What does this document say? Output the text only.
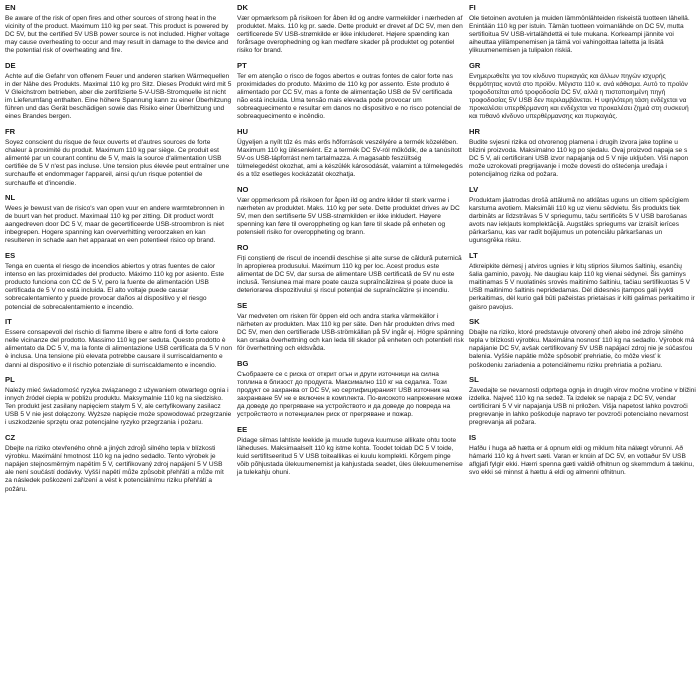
EN

Be aware of the risk of open fires and other sources of strong heat in the vicinity of the product. Maximum 110 kg per seat. This product is powered by DC 5V, but the certified 5V USB power source is not included. Higher voltage may cause overheating to occur and may result in damage to the device and the potential risk of overheating and fire.

DE

Achte auf die Gefahr von offenem Feuer und anderen starken Wärmequellen in der Nähe des Produkts. Maximal 110 kg pro Sitz. Dieses Produkt wird mit 5 V Gleichstrom betrieben, aber die zertifizierte 5-V-USB-Stromquelle ist nicht im Lieferumfang enthalten. Eine höhere Spannung kann zu einer Überhitzung führen und das Gerät beschädigen sowie das Risiko einer Überhitzung und eines Brandes bergen.

FR

Soyez conscient du risque de feux ouverts et d'autres sources de forte chaleur à proximité du produit. Maximum 110 kg par siège. Ce produit est alimenté par un courant continu de 5 V, mais la source d'alimentation USB certifiée de 5 V n'est pas incluse. Une tension plus élevée peut entraîner une surchauffe et endommager l'appareil, ainsi qu'un risque potentiel de surchauffe et d'incendie.

NL

Wees je bewust van de risico's van open vuur en andere warmtebronnen in de buurt van het product. Maximaal 110 kg per zitting. Dit product wordt aangedreven door DC 5 V, maar de gecertificeerde USB-stroombron is niet inbegrepen. Hogere spanning kan oververhitting veroorzaken en kan resulteren in schade aan het apparaat en een potentieel risico op brand.

ES

Tenga en cuenta el riesgo de incendios abiertos y otras fuentes de calor intenso en las proximidades del producto. Máximo 110 kg por asiento. Este producto funciona con CC de 5 V, pero la fuente de alimentación USB certificada de 5 V no está incluida. El alto voltaje puede causar sobrecalentamiento y puede provocar daños al dispositivo y el riesgo potencial de sobrecalentamiento e incendio.

IT

Essere consapevoli del rischio di fiamme libere e altre fonti di forte calore nelle vicinanze del prodotto. Massimo 110 kg per seduta. Questo prodotto è alimentato da DC 5 V, ma la fonte di alimentazione USB certificata da 5 V non è inclusa. Una tensione più elevata potrebbe causare il surriscaldamento e danni al dispositivo e il rischio potenziale di surriscaldamento e incendio.

PL

Należy mieć świadomość ryzyka związanego z używaniem otwartego ognia i innych źródeł ciepła w pobliżu produktu. Maksymalnie 110 kg na siedzisko. Ten produkt jest zasilany napięciem stałym 5 V, ale certyfikowany zasilacz USB 5 V nie jest dołączony. Wyższe napięcie może spowodować przegrzanie i uszkodzenie sprzętu oraz potencjalne ryzyko przegrzania i pożaru.

CZ

Dbejte na riziko otevřeného ohně a jiných zdrojů silného tepla v blízkosti výrobku. Maximální hmotnost 110 kg na jedno sedadlo. Tento výrobek je napájen stejnosměrným napětím 5 V, certifikovaný zdroj napájení 5 V USB ale není součástí dodávky. Vyšší napětí může způsobit přehřátí a může mít za následek poškození zařízení a vést k potenciálnímu riziku přehřátí a požáru.

DK

Vær opmærksom på risikoen for åben ild og andre varmekilder i nærheden af produktet. Maks. 110 kg pr. sæde. Dette produkt er drevet af DC 5V, men den certificerede 5V USB-strømkilde er ikke inkluderet. Højere spænding kan forårsage overophedning og kan medføre skader på produktet og potentiel risiko for brand.

PT

Ter em atenção o risco de fogos abertos e outras fontes de calor forte nas proximidades do produto. Máximo de 110 kg por assento. Este produto é alimentado por CC 5V, mas a fonte de alimentação USB de 5V certificada não está incluída. Uma tensão mais elevada pode provocar um sobreaquecimento e resultar em danos no dispositivo e no risco potencial de sobreaquecimento e incêndio.

HU

Ügyeljen a nyílt tűz és más erős hőforrások veszélyére a termék közelében. Maximum 110 kg ülésenként. Ez a termék DC 5V-ról működik, de a tanúsított 5V-os USB-tápforrást nem tartalmazza. A magasabb feszültség túlmelegedést okozhat, ami a készülék károsodását, valamint a túlmelegedés és a tűz esetleges kockázatát okozhatja.

NO

Vær oppmerksom på risikoen for åpen ild og andre kilder til sterk varme i nærheten av produktet. Maks. 110 kg per sete. Dette produktet drives av DC 5V, men den sertifiserte 5V USB-strømkilden er ikke inkludert. Høyere spenning kan føre til overoppheting og kan føre til skade på enheten og potensiell risiko for overoppheting og brann.

RO

Fiți conștienți de riscul de incendii deschise și alte surse de căldură puternică în apropierea produsului. Maximum 110 kg per loc. Acest produs este alimentat de DC 5V, dar sursa de alimentare USB certificată de 5V nu este inclusă. Tensiunea mai mare poate cauza supraîncălzirea și poate duce la deteriorarea dispozitivului și riscul potențial de supraîncălzire și incendiu.

SE

Var medveten om risken för öppen eld och andra starka värmekällor i närheten av produkten. Max 110 kg per säte. Den här produkten drivs med DC 5V, men den certifierade USB-strömkällan på 5V ingår ej. Högre spänning kan orsaka överhettning och kan leda till skador på enheten och potentiell risk för överhettning och eldsvåda.

BG

Съобразете се с риска от открит огън и други източници на силна топлина в близост до продукта. Максимално 110 кг на седалка. Този продукт се захранва от DC 5V, но сертифицираният USB източник на захранване 5V не е включен в комплекта. По-високото напрежение може да доведе до прегряване на устройството и да доведе до повреда на устройството и потенциален риск от прегряване и пожар.

EE

Pidage silmas lahtiste leekide ja muude tugeva kuumuse allikate ohtu toote läheduses. Maksimaalselt 110 kg istme kohta. Toodet toidab DC 5 V toide, kuid sertifitseeritud 5 V USB toiteallikas ei kuulu komplekti. Kõrgem pinge võib põhjustada ülekuumenemist ja kahjustada seadet, üles ülekuumenemise ja tulekahju ohuni.

FI

Ole tietoinen avotulen ja muiden lämmönlähteiden riskeistä tuotteen lähellä. Enintään 110 kg per istuin. Tämän tuotteen voimanlähde on DC 5V, mutta sertifioitua 5V USB-virtalähdettä ei tule mukana. Korkeampi jännite voi aiheuttaa ylilämpenemisen ja tämä voi vahingoittaa laitetta ja lisätä ylikuumenemisen ja tulipalon riskiä.

GR

Ενημερωθείτε για τον κίνδυνο πυρκαγιάς και άλλων πηγών ισχυρής θερμότητας κοντά στο προϊόν. Μέγιστο 110 κ. ανά κάθισμα. Αυτό το προϊόν τροφοδοτείται από τροφοδοσία DC 5V, αλλά η πιστοποιημένη πηγή τροφοδοσίας 5V USB δεν περιλαμβάνεται. Η υψηλότερη τάση ενδέχεται να προκαλέσει υπερθέρμανση και ενδέχεται να προκαλέσει ζημιά στη συσκευή και πιθανό κίνδυνο υπερθέρμανσης και πυρκαγιάς.

HR

Budite svjesni rizika od otvorenog plamena i drugih izvora jake topline u blizini proizvoda. Maksimalno 110 kg po sjedalu. Ovaj proizvod napaja se s DC 5 V, ali certificirani USB izvor napajanja od 5 V nije uključen. Viši napon može uzrokovati pregrijavanje i može dovesti do oštećenja uređaja i potencijalnog rizika od požara.

LV

Produktam jāatrodas drošā attālumā no atklātas uguns un citiem spēcīgiem karstuma avotiem. Maksimāli 110 kg uz vienu sēdvietu. Šis produkts tiek darbināts ar līdzstrāvas 5 V spriegumu, taču sertificēts 5 V USB barošanas avots nav iekļauts komplektācijā. Augstāks spriegums var izraisīt ierīces pārkaršanu, kas var radīt bojājumus un potenciālu pārkaršanas un ugunsgrēka risku.

LT

Atkreipkite dėmesį į atviros ugnies ir kitų stiprios šilumos šaltinių, esančių šalia gaminio, pavojų. Ne daugiau kaip 110 kg vienai sėdynei. Šis gaminys maitinamas 5 V nuolatinės srovės maitinimo šaltiniu, tačiau sertifikuotas 5 V USB maitinimo šaltinis nepridedamas. Dėl didesnės įtampos gali įvykti perkaitimas, dėl kurio gali būti pažeistas prietaisas ir kilti galimas perkaitimo ir gaisro pavojus.

SK

Dbajte na riziko, ktoré predstavuje otvorený oheň alebo iné zdroje silného tepla v blízkosti výrobku. Maximálna nosnosť 110 kg na sedadlo. Výrobok má napájanie DC 5V, avšak certifikovaný 5V USB napájací zdroj nie je súčasťou balenia. Vyššie napätie môže spôsobiť prehriatie, čo môže viesť k poškodeniu zariadenia a potenciálnemu riziku prehriatia a požiaru.

SL

Zavedajte se nevarnosti odprtega ognja in drugih virov močne vročine v bližini izdelka. Največ 110 kg na sedež. Ta izdelek se napaja z DC 5V, vendar certificirani 5 V vir napajanja USB ni priložen. Višja napetost lahko povzroči pregrevanje in lahko poškoduje napravo ter povzroči potencialno nevarnost pregrevanja ali požara.

IS

Hafðu í huga að hætta er á opnum eldi og miklum hita nálægt vörunni. Að hámarki 110 kg á hvert sæti. Varan er knúin af DC 5V, en vottaður 5V USB aflgjafi fylgir ekki. Hærri spenna gæti valdið ofhitnun og skemmdum á tækinu, svo ekki sé minnst á hættu á eldi og almenni ofhitnun.
